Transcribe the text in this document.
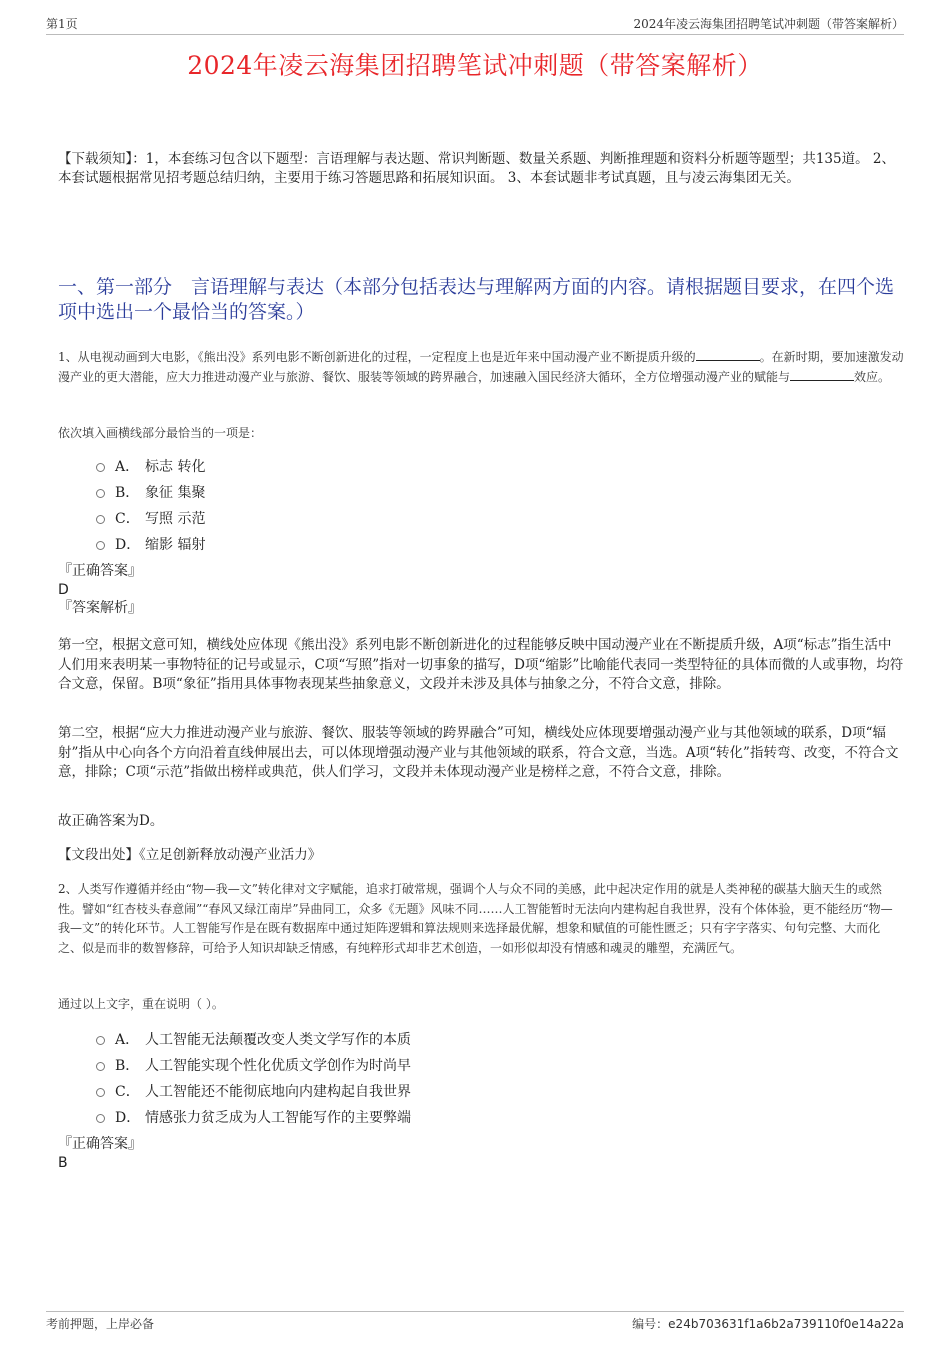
第1页	2024年凌云海集团招聘笔试冲刺题（带答案解析）
2024年凌云海集团招聘笔试冲刺题（带答案解析）
【下载须知】：1，本套练习包含以下题型：言语理解与表达题、常识判断题、数量关系题、判断推理题和资料分析题等题型；共135道。 2、本套试题根据常见招考题总结归纳，主要用于练习答题思路和拓展知识面。 3、本套试题非考试真题，且与凌云海集团无关。
一、第一部分　言语理解与表达（本部分包括表达与理解两方面的内容。请根据题目要求，在四个选项中选出一个最恰当的答案。）

1、从电视动画到大电影，《熊出没》系列电影不断创新进化的过程，一定程度上也是近年来中国动漫产业不断提质升级的	。在新时期，要加速激发动漫产业的更大潜能，应大力推进动漫产业与旅游、餐饮、服装等领域的跨界融合，加速融入国民经济大循环，全方位增强动漫产业的赋能与	效应。

依次填入画横线部分最恰当的一项是：

A． 标志 转化
B． 象征 集聚
C． 写照 示范
D． 缩影 辐射
『正确答案』
D
『答案解析』

第一空，根据文意可知，横线处应体现《熊出没》系列电影不断创新进化的过程能够反映中国动漫产业在不断提质升级，A项“标志”指生活中人们用来表明某一事物特征的记号或显示，C项“写照”指对一切事象的描写，D项“缩影”比喻能代表同一类型特征的具体而微的人或事物，均符合文意，保留。B项“象征”指用具体事物表现某些抽象意义，文段并未涉及具体与抽象之分，不符合文意，排除。

第二空，根据“应大力推进动漫产业与旅游、餐饮、服装等领域的跨界融合”可知，横线处应体现要增强动漫产业与其他领域的联系，D项“辐射”指从中心向各个方向沿着直线伸展出去，可以体现增强动漫产业与其他领域的联系，符合文意，当选。A项“转化”指转弯、改变，不符合文意，排除；C项“示范”指做出榜样或典范，供人们学习，文段并未体现动漫产业是榜样之意，不符合文意，排除。

故正确答案为D。

【文段出处】《立足创新释放动漫产业活力》

2、人类写作遵循并经由“物—我—文”转化律对文字赋能，追求打破常规，强调个人与众不同的美感，此中起决定作用的就是人类神秘的碳基大脑天生的或然性。譬如“红杏枝头春意闹”“春风又绿江南岸”异曲同工，众多《无题》风味不同……人工智能暂时无法向内建构起自我世界，没有个体体验，更不能经历“物—我—文”的转化环节。人工智能写作是在既有数据库中通过矩阵逻辑和算法规则来选择最优解，想象和赋值的可能性匮乏；只有字字落实、句句完整、大而化之、似是而非的数智修辞，可给予人知识却缺乏情感，有纯粹形式却非艺术创造，一如形似却没有情感和魂灵的雕塑，充满匠气。

通过以上文字，重在说明（ ）。

A． 人工智能无法颠覆改变人类文学写作的本质
B． 人工智能实现个性化优质文学创作为时尚早
C． 人工智能还不能彻底地向内建构起自我世界
D． 情感张力贫乏成为人工智能写作的主要弊端
『正确答案』
B
考前押题，上岸必备	编号：e24b703631f1a6b2a739110f0e14a22a
